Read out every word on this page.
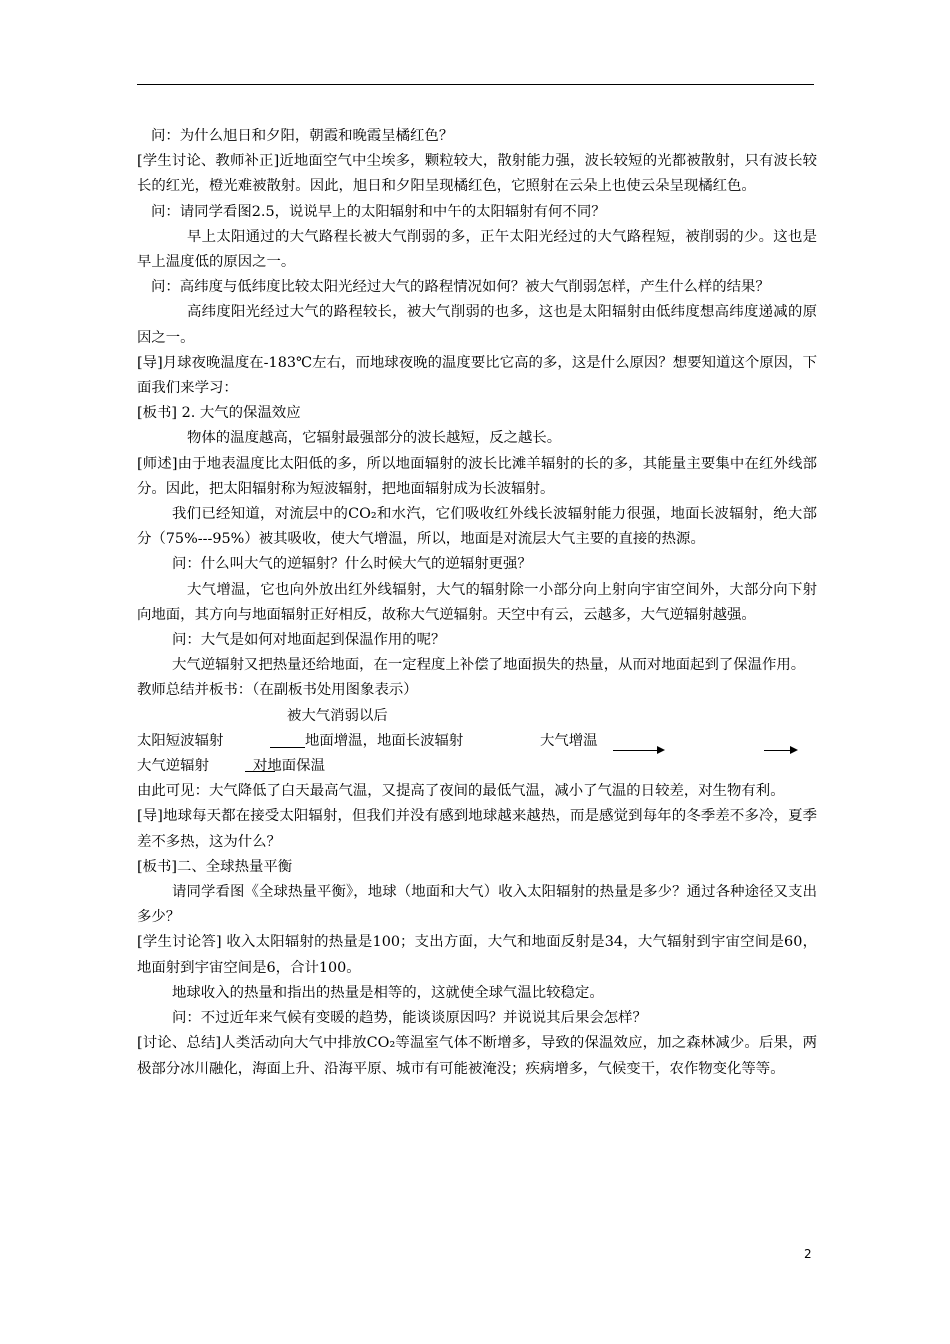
问：为什么旭日和夕阳，朝霞和晚霞呈橘红色？

[学生讨论、教师补正]近地面空气中尘埃多，颗粒较大，散射能力强，波长较短的光都被散射，只有波长较长的红光，橙光难被散射。因此，旭日和夕阳呈现橘红色，它照射在云朵上也使云朵呈现橘红色。

问：请同学看图2.5，说说早上的太阳辐射和中午的太阳辐射有何不同？

早上太阳通过的大气路程长被大气削弱的多，正午太阳光经过的大气路程短，被削弱的少。这也是早上温度低的原因之一。

问：高纬度与低纬度比较太阳光经过大气的路程情况如何？被大气削弱怎样，产生什么样的结果？

高纬度阳光经过大气的路程较长，被大气削弱的也多，这也是太阳辐射由低纬度想高纬度递减的原因之一。

[导]月球夜晚温度在-183℃左右，而地球夜晚的温度要比它高的多，这是什么原因？想要知道这个原因，下面我们来学习：

[板书] 2. 大气的保温效应

物体的温度越高，它辐射最强部分的波长越短，反之越长。

[师述]由于地表温度比太阳低的多，所以地面辐射的波长比滩羊辐射的长的多，其能量主要集中在红外线部分。因此，把太阳辐射称为短波辐射，把地面辐射成为长波辐射。

我们已经知道，对流层中的CO₂和水汽，它们吸收红外线长波辐射能力很强，地面长波辐射，绝大部分（75%---95%）被其吸收，使大气增温，所以，地面是对流层大气主要的直接的热源。

问：什么叫大气的逆辐射？什么时候大气的逆辐射更强？

大气增温，它也向外放出红外线辐射，大气的辐射除一小部分向上射向宇宙空间外，大部分向下射向地面，其方向与地面辐射正好相反，故称大气逆辐射。天空中有云，云越多，大气逆辐射越强。

问：大气是如何对地面起到保温作用的呢？

大气逆辐射又把热量还给地面，在一定程度上补偿了地面损失的热量，从而对地面起到了保温作用。

教师总结并板书：（在副板书处用图象表示）

被大气消弱以后
太阳短波辐射	地面增温，地面长波辐射	大气增温
大气逆辐射	对地面保温

由此可见：大气降低了白天最高气温，又提高了夜间的最低气温，减小了气温的日较差，对生物有利。

[导]地球每天都在接受太阳辐射，但我们并没有感到地球越来越热，而是感觉到每年的冬季差不多冷，夏季差不多热，这为什么？

[板书]二、全球热量平衡

请同学看图《全球热量平衡》，地球（地面和大气）收入太阳辐射的热量是多少？通过各种途径又支出多少？

[学生讨论答] 收入太阳辐射的热量是100；支出方面，大气和地面反射是34，大气辐射到宇宙空间是60，地面射到宇宙空间是6，合计100。

地球收入的热量和指出的热量是相等的，这就使全球气温比较稳定。

问：不过近年来气候有变暖的趋势，能谈谈原因吗？并说说其后果会怎样？

[讨论、总结]人类活动向大气中排放CO₂等温室气体不断增多，导致的保温效应，加之森林减少。后果，两极部分冰川融化，海面上升、沿海平原、城市有可能被淹没；疾病增多，气候变干，农作物变化等等。

2
